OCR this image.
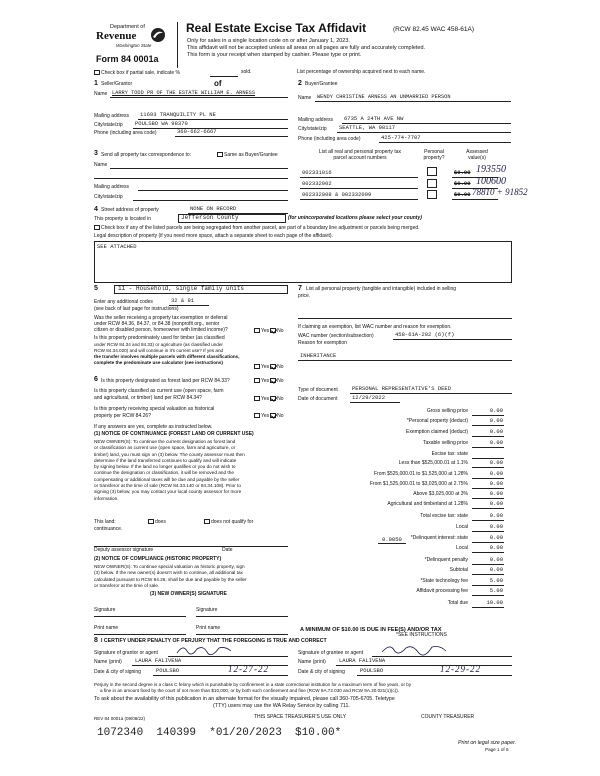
Department of
Revenue
Washington State
Form 84 0001a
Real Estate Excise Tax Affidavit	(RCW 82.45 WAC 458-61A)
Only for sales in a single location code on or after January 1, 2023.
This affidavit will not be accepted unless all areas on all pages are fully and accurately completed.
This form is your receipt when stamped by cashier. Please type or print.
Check box if partial sale, indicate %	sold.	List percentage of ownership acquired next to each name.
1 Seller/Grantor	of
Name LARRY TODD PR OF THE ESTATE WILLIAM E. ARNESS
Mailing address 11693 TRANQUILITY PL NE
City/state/zip POULSBO WA 98370
Phone (including area code)	360-662-6667
2 Buyer/Grantee
Name WENDY CHRISTINE ARNESS AN UNMARRIED PERSON
Mailing address 6735 A 24TH AVE NW
City/state/zip SEATTLE, WA 98117
Phone (including area code)	425-774-7707
3 Send all property tax correspondence to:	Same as Buyer/Grantee
Name
Mailing address
City/state/zip
List all real and personal property tax
parcel account numbers
Personal
property?
Assessed
value(s)
002331016	$0.00 193550
002332002	$0.00 100600
002332008 & 002332009	$0.00 78810 + 91852
4 Street address of property	NONE ON RECORD
This property is located in	Jefferson County	(for unincorporated locations please select your county)
Check box if any of the listed parcels are being segregated from another parcel, are part of a boundary line adjustment or parcels being merged.
Legal description of property (if you need more space, attach a separate sheet to each page of the affidavit).
SEE ATTACHED
5	11 - Household, single family units
Enter any additional codes	32 & 91
(see back of last page for instructions)
Was the seller receiving a property tax exemption or deferral
under RCW 84.36, 84.37, or 84.38 (nonprofit org., senior
citizen or disabled person, homeowner with limited income)?	Yes No
Is this property predominately used for timber (as classified
under RCW 84.34 and 84.33) or agriculture (as classified under
RCW 84.34.020) and will continue in it's current use? If yes and
the transfer involves multiple parcels with different classifications,
complete the predominate use calculator (see instructions)
Yes No
6 Is this property designated as forest land per RCW 84.33?	Yes No
Is this property classified as current use (open space, farm
and agricultural, or timber) land per RCW 84.34?	Yes No
Is this property receiving special valuation as historical
property per RCW 84.26?	Yes No
If any answers are yes, complete as instructed below.
(1) NOTICE OF CONTINUANCE (FOREST LAND OR CURRENT USE)
NEW OWNER(S): To continue the current designation as forest land
or classification as current use (open space, farm and agriculture, or
timber) land, you must sign on (3) below. The county assessor must then
determine if the land transferred continues to qualify and will indicate
by signing below. If the land no longer qualifies or you do not wish to
continue the designation or classification, it will be removed and the
compensating or additional taxes will be due and payable by the seller
or transferor at the time of sale (RCW 84.33.140 or 84.34.108). Prior to
signing (3) below, you may contact your local county assessor for more
information.
This land:	does	does not qualify for
continuance.
Deputy assessor signature	Date
(2) NOTICE OF COMPLIANCE (HISTORIC PROPERTY)
NEW OWNER(S): To continue special valuation as historic property, sign
(3) below. If the new owner(s) doesn't wish to continue, all additional tax
calculated pursuant to RCW 84.26, shall be due and payable by the seller
or transferor at the time of sale.
(3) NEW OWNER(S) SIGNATURE
Signature	Signature
Print name	Print name
7 List all personal property (tangible and intangible) included in selling
price.
If claiming an exemption, list WAC number and reason for exemption.
WAC number (section/subsection)	458-61A-202 (6)(f)
Reason for exemption
INHERITANCE
Type of document	PERSONAL REPRESENTATIVE'S DEED
Date of document	12/29/2022
Gross selling price	0.00
*Personal property (deduct)	0.00
Exemption claimed (deduct)	0.00
Taxable selling price	0.00
Excise tax: state
Less than $525,000.01 at 1.1%	0.00
From $525,000.01 to $1,525,000 at 1.28%	0.00
From $1,525,000.01 to $3,025,000 at 2.75%	0.00
Above $3,025,000 at 3%	0.00
Agricultural and timberland at 1.28%	0.00
Total excise tax: state	0.00
Local	0.00
*Delinquent interest: state	0.00
Local	0.00
*Delinquent penalty	0.00
Subtotal	0.00
*State technology fee	5.00
Affidavit processing fee	5.00
Total due	10.00
0.0050
A MINIMUM OF $10.00 IS DUE IN FEE(S) AND/OR TAX
*SEE INSTRUCTIONS
8 I CERTIFY UNDER PENALTY OF PERJURY THAT THE FOREGOING IS TRUE AND CORRECT
Signature of grantor or agent	Signature of grantee or agent
Name (print) LAURA FALIVENA	Name (print) LAURA FALIVENA
Date & city of signing	POULSBO	12-27-22	Date & city of signing	POULSBO	12-29-22
Perjury in the second degree is a class C felony which is punishable by confinement in a state correctional institution for a maximum term of five years, or by
a fine in an amount fixed by the court of not more than $10,000, or by both such confinement and fine (RCW 9A.72.030 and RCW 9A.20.021(1)(c)).
To ask about the availability of this publication in an alternate format for the visually impaired, please call 360-705-6705. Teletype
(TTY) users may use the WA Relay Service by calling 711.
REV 84 0001a (09/08/22)	THIS SPACE TREASURER'S USE ONLY	COUNTY TREASURER
1072340  140399  *01/20/2023  $10.00*
Print on legal size paper.
Page 1 of 6
